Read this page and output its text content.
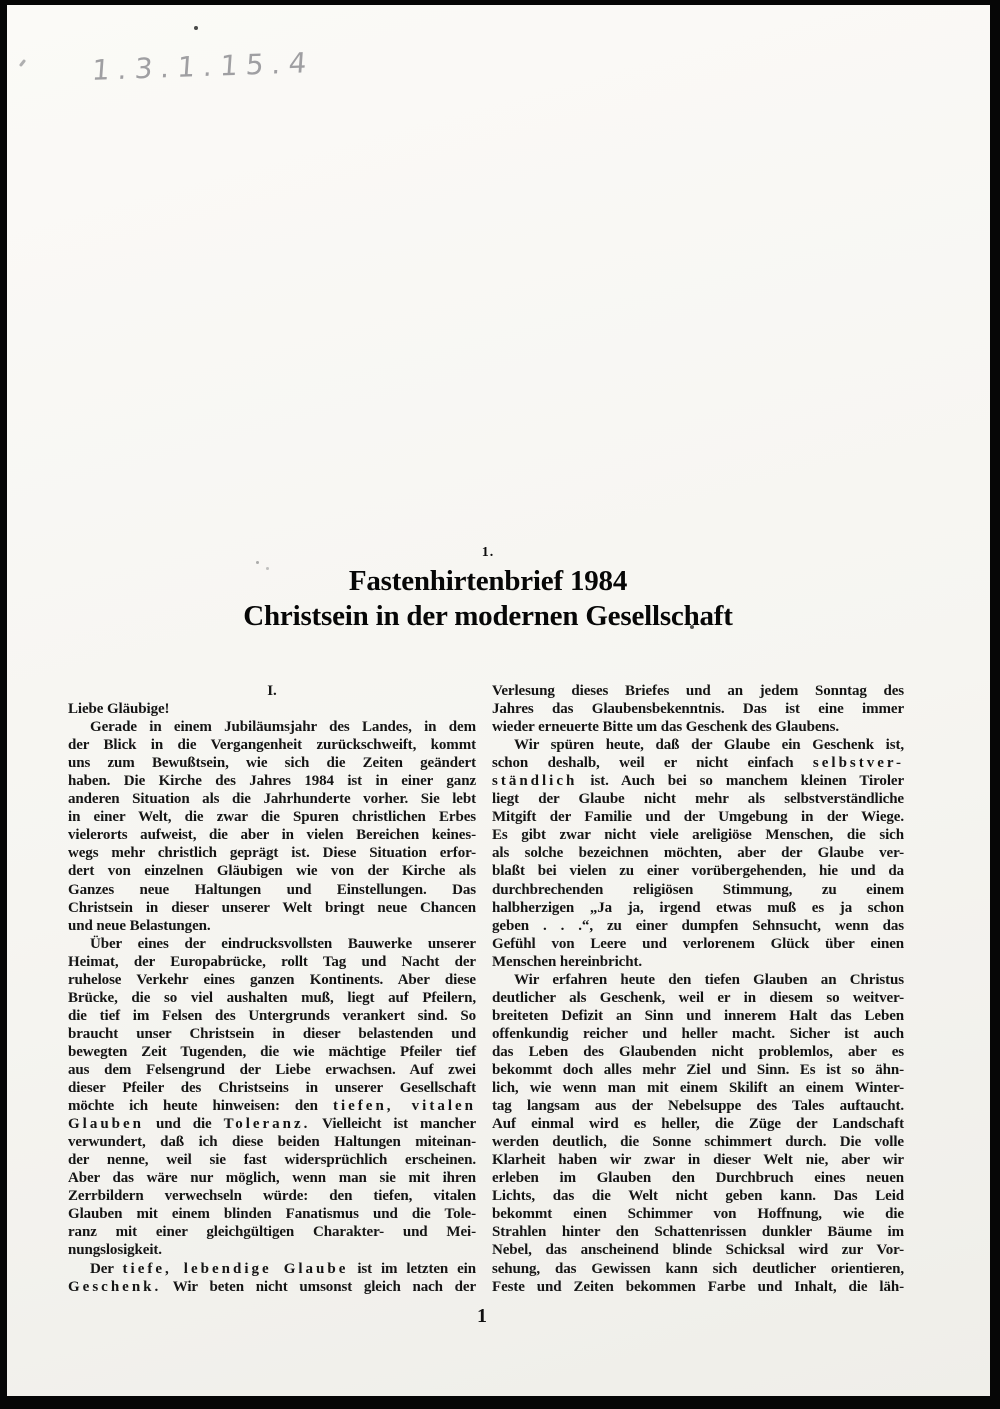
1.3.1.15.4
1.
Fastenhirtenbrief 1984
Christsein in der modernen Gesellschaft
I.
Liebe Gläubige!
Gerade in einem Jubiläumsjahr des Landes, in dem
der Blick in die Vergangenheit zurückschweift, kommt
uns zum Bewußtsein, wie sich die Zeiten geändert
haben. Die Kirche des Jahres 1984 ist in einer ganz
anderen Situation als die Jahrhunderte vorher. Sie lebt
in einer Welt, die zwar die Spuren christlichen Erbes
vielerorts aufweist, die aber in vielen Bereichen keines-
wegs mehr christlich geprägt ist. Diese Situation erfor-
dert von einzelnen Gläubigen wie von der Kirche als
Ganzes neue Haltungen und Einstellungen. Das
Christsein in dieser unserer Welt bringt neue Chancen
und neue Belastungen.
Über eines der eindrucksvollsten Bauwerke unserer
Heimat, der Europabrücke, rollt Tag und Nacht der
ruhelose Verkehr eines ganzen Kontinents. Aber diese
Brücke, die so viel aushalten muß, liegt auf Pfeilern,
die tief im Felsen des Untergrunds verankert sind. So
braucht unser Christsein in dieser belastenden und
bewegten Zeit Tugenden, die wie mächtige Pfeiler tief
aus dem Felsengrund der Liebe erwachsen. Auf zwei
dieser Pfeiler des Christseins in unserer Gesellschaft
möchte ich heute hinweisen: den tiefen, vitalen
Glauben und die Toleranz. Vielleicht ist mancher
verwundert, daß ich diese beiden Haltungen miteinan-
der nenne, weil sie fast widersprüchlich erscheinen.
Aber das wäre nur möglich, wenn man sie mit ihren
Zerrbildern verwechseln würde: den tiefen, vitalen
Glauben mit einem blinden Fanatismus und die Tole-
ranz mit einer gleichgültigen Charakter- und Mei-
nungslosigkeit.
Der tiefe, lebendige Glaube ist im letzten ein
Geschenk. Wir beten nicht umsonst gleich nach der
Verlesung dieses Briefes und an jedem Sonntag des
Jahres das Glaubensbekenntnis. Das ist eine immer
wieder erneuerte Bitte um das Geschenk des Glaubens.
Wir spüren heute, daß der Glaube ein Geschenk ist,
schon deshalb, weil er nicht einfach selbstver-
ständlich ist. Auch bei so manchem kleinen Tiroler
liegt der Glaube nicht mehr als selbstverständliche
Mitgift der Familie und der Umgebung in der Wiege.
Es gibt zwar nicht viele areligiöse Menschen, die sich
als solche bezeichnen möchten, aber der Glaube ver-
blaßt bei vielen zu einer vorübergehenden, hie und da
durchbrechenden religiösen Stimmung, zu einem
halbherzigen „Ja ja, irgend etwas muß es ja schon
geben . . .“, zu einer dumpfen Sehnsucht, wenn das
Gefühl von Leere und verlorenem Glück über einen
Menschen hereinbricht.
Wir erfahren heute den tiefen Glauben an Christus
deutlicher als Geschenk, weil er in diesem so weitver-
breiteten Defizit an Sinn und innerem Halt das Leben
offenkundig reicher und heller macht. Sicher ist auch
das Leben des Glaubenden nicht problemlos, aber es
bekommt doch alles mehr Ziel und Sinn. Es ist so ähn-
lich, wie wenn man mit einem Skilift an einem Winter-
tag langsam aus der Nebelsuppe des Tales auftaucht.
Auf einmal wird es heller, die Züge der Landschaft
werden deutlich, die Sonne schimmert durch. Die volle
Klarheit haben wir zwar in dieser Welt nie, aber wir
erleben im Glauben den Durchbruch eines neuen
Lichts, das die Welt nicht geben kann. Das Leid
bekommt einen Schimmer von Hoffnung, wie die
Strahlen hinter den Schattenrissen dunkler Bäume im
Nebel, das anscheinend blinde Schicksal wird zur Vor-
sehung, das Gewissen kann sich deutlicher orientieren,
Feste und Zeiten bekommen Farbe und Inhalt, die läh-
1
